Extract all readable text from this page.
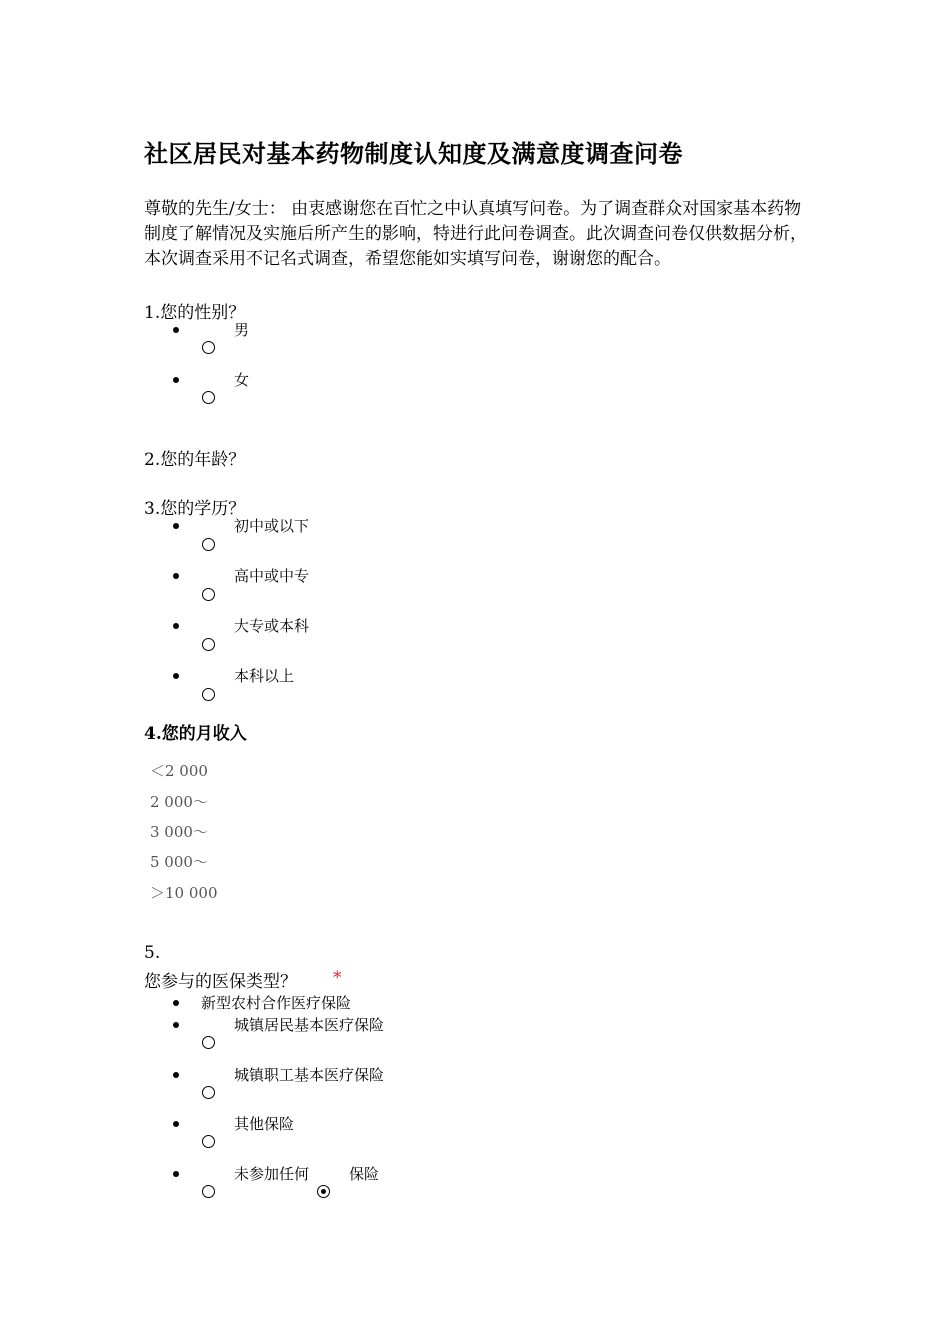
社区居民对基本药物制度认知度及满意度调查问卷
尊敬的先生/女士： 由衷感谢您在百忙之中认真填写问卷。为了调查群众对国家基本药物制度了解情况及实施后所产生的影响，特进行此问卷调查。此次调查问卷仅供数据分析，本次调查采用不记名式调查，希望您能如实填写问卷，谢谢您的配合。
1.您的性别？
男
女
2.您的年龄？
3.您的学历？
初中或以下
高中或中专
大专或本科
本科以上
4.您的月收入
＜2 000
2 000～
3 000～
5 000～
＞10 000
5.
您参与的医保类型？ *
新型农村合作医疗保险
城镇居民基本医疗保险
城镇职工基本医疗保险
其他保险
未参加任何	保险
